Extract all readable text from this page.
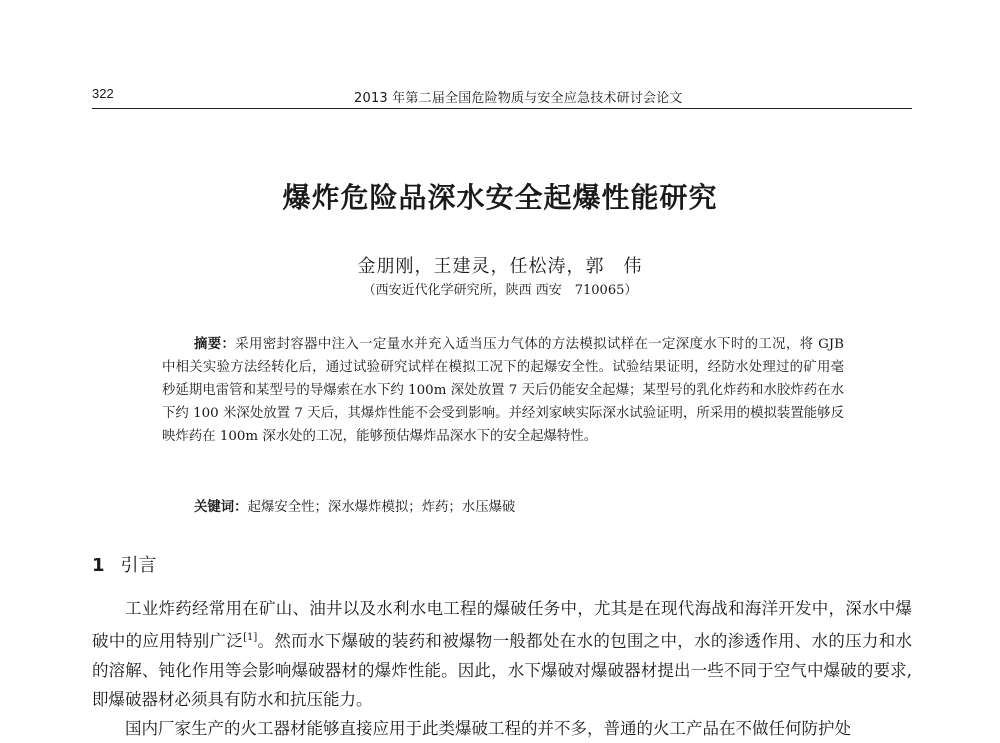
322	2013 年第二届全国危险物质与安全应急技术研讨会论文
爆炸危险品深水安全起爆性能研究
金朋刚，王建灵，任松涛，郭　伟
（西安近代化学研究所，陕西 西安　710065）
摘要：采用密封容器中注入一定量水并充入适当压力气体的方法模拟试样在一定深度水下时的工况，将 GJB 中相关实验方法经转化后，通过试验研究试样在模拟工况下的起爆安全性。试验结果证明，经防水处理过的矿用毫秒延期电雷管和某型号的导爆索在水下约 100m 深处放置 7 天后仍能安全起爆；某型号的乳化炸药和水胶炸药在水下约 100 米深处放置 7 天后，其爆炸性能不会受到影响。并经刘家峡实际深水试验证明，所采用的模拟装置能够反映炸药在 100m 深水处的工况，能够预估爆炸品深水下的安全起爆特性。
关键词：起爆安全性；深水爆炸模拟；炸药；水压爆破
1 引言

工业炸药经常用在矿山、油井以及水利水电工程的爆破任务中，尤其是在现代海战和海洋开发中，深水中爆破中的应用特别广泛[1]。然而水下爆破的装药和被爆物一般都处在水的包围之中，水的渗透作用、水的压力和水的溶解、钝化作用等会影响爆破器材的爆炸性能。因此，水下爆破对爆破器材提出一些不同于空气中爆破的要求,即爆破器材必须具有防水和抗压能力。

国内厂家生产的火工器材能够直接应用于此类爆破工程的并不多，普通的火工产品在不做任何防护处
